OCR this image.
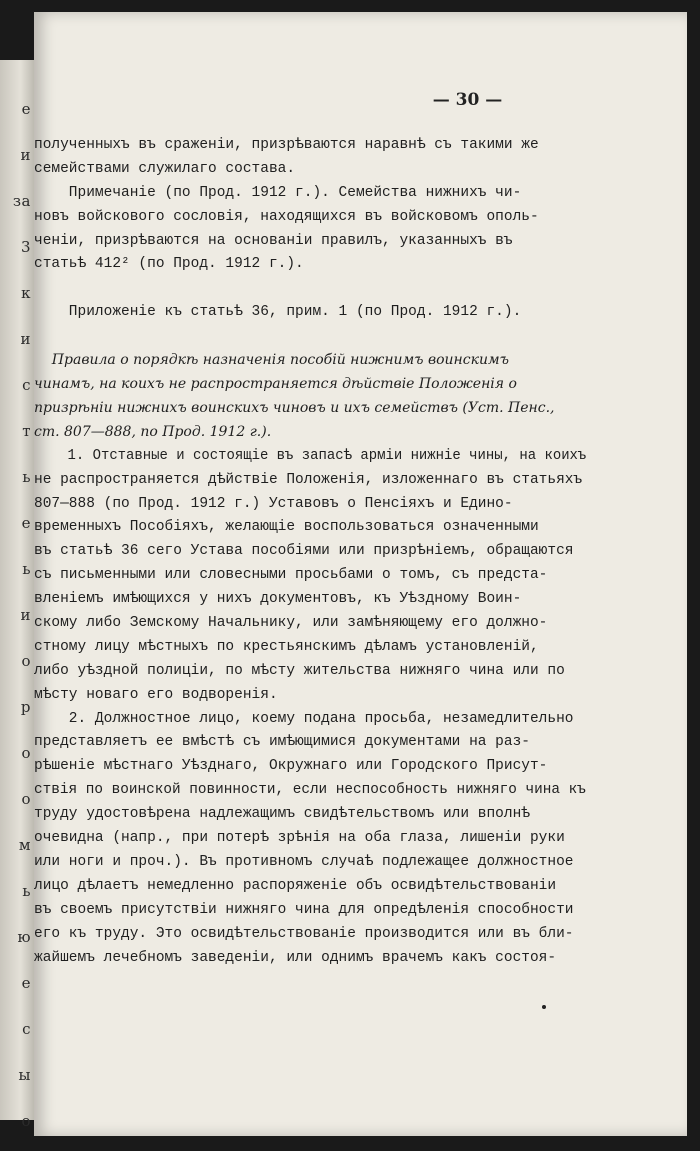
е
и
за
3
к
и
с
т
ь
е
ь
и
о
р
о
о
м
ь
ю
е
с
ы
о
— 30 —
полученныхъ въ сраженіи, призрѣваются наравнѣ съ такими же
семействами служилаго состава.
Примечаніе (по Прод. 1912 г.). Семейства нижнихъ чи-
новъ войскового сословія, находящихся въ войсковомъ ополь-
ченіи, призрѣваются на основаніи правилъ, указанныхъ въ
статьѣ 412² (по Прод. 1912 г.).
Приложеніе къ статьѣ 36, прим. 1 (по Прод. 1912 г.).
Правила о порядкѣ назначенія пособій нижнимъ воинскимъ
чинамъ, на коихъ не распространяется дѣйствіе Положенія о
призрѣніи нижнихъ воинскихъ чиновъ и ихъ семействъ (Уст. Пенс.,
ст. 807—888, по Прод. 1912 г.).
1. Отставные и состоящіе въ запасѣ арміи нижніе чины, на коихъ
не распространяется дѣйствіе Положенія, изложеннаго въ статьяхъ
807—888 (по Прод. 1912 г.) Уставовъ о Пенсіяхъ и Едино-
временныхъ Пособіяхъ, желающіе воспользоваться означенными
въ статьѣ 36 сего Устава пособіями или призрѣніемъ, обращаются
съ письменными или словесными просьбами о томъ, съ предста-
вленіемъ имѣющихся у нихъ документовъ, къ Уѣздному Воин-
скому либо Земскому Начальнику, или замѣняющему его должно-
стному лицу мѣстныхъ по крестьянскимъ дѣламъ установленій,
либо уѣздной полиціи, по мѣсту жительства нижняго чина или по
мѣсту новаго его водворенія.
2. Должностное лицо, коему подана просьба, незамедлительно
представляетъ ее вмѣстѣ съ имѣющимися документами на раз-
рѣшеніе мѣстнаго Уѣзднаго, Окружнаго или Городского Присут-
ствія по воинской повинности, если неспособность нижняго чина къ
труду удостовѣрена надлежащимъ свидѣтельствомъ или вполнѣ
очевидна (напр., при потерѣ зрѣнія на оба глаза, лишеніи руки
или ноги и проч.). Въ противномъ случаѣ подлежащее должностное
лицо дѣлаетъ немедленно распоряженіе объ освидѣтельствованіи
въ своемъ присутствіи нижняго чина для опредѣленія способности
его къ труду. Это освидѣтельствованіе производится или въ бли-
жайшемъ лечебномъ заведеніи, или однимъ врачемъ какъ состоя-
